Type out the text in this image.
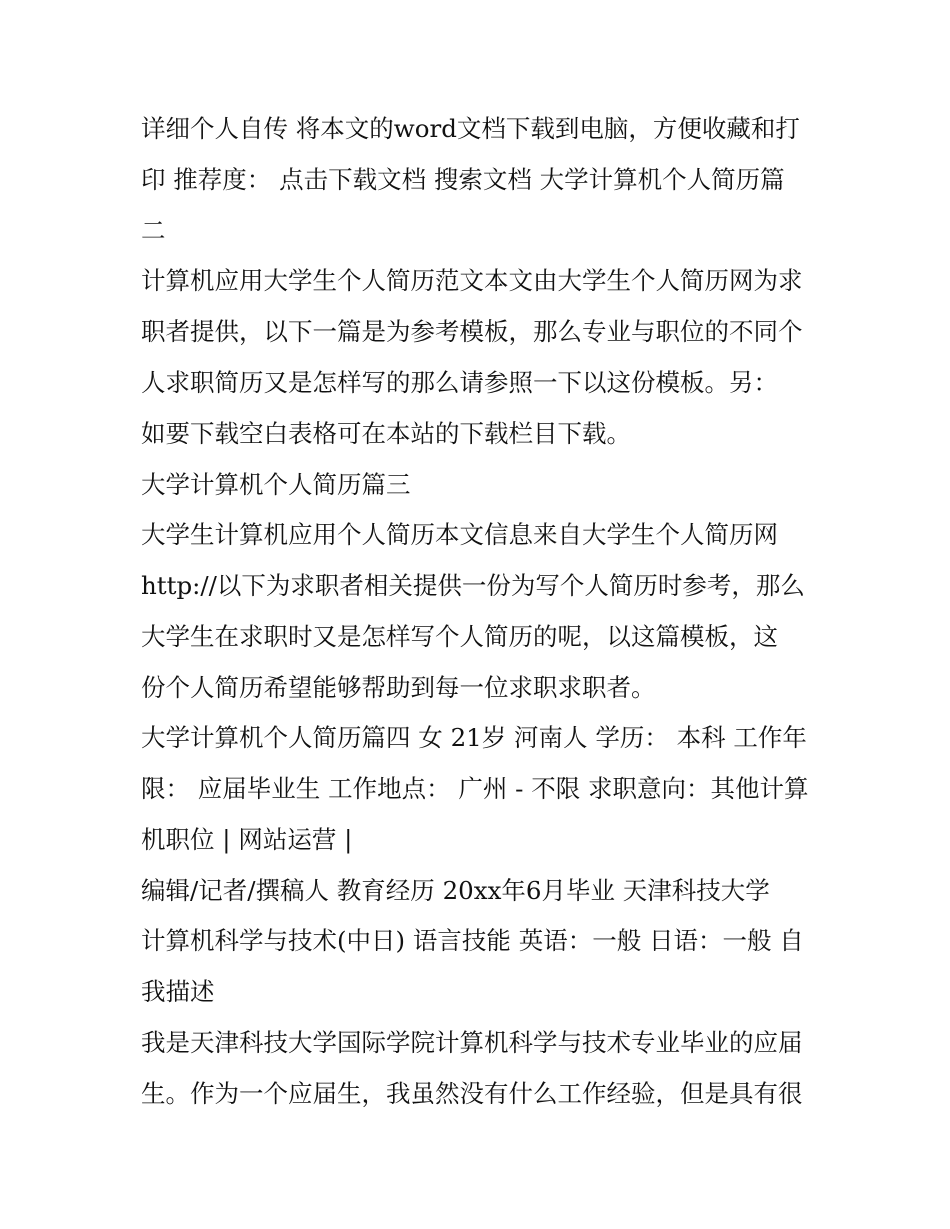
详细个人自传 将本文的word文档下载到电脑，方便收藏和打
印 推荐度： 点击下载文档 搜索文档 大学计算机个人简历篇
二
计算机应用大学生个人简历范文本文由大学生个人简历网为求
职者提供，以下一篇是为参考模板，那么专业与职位的不同个
人求职简历又是怎样写的那么请参照一下以这份模板。另：
如要下载空白表格可在本站的下载栏目下载。
大学计算机个人简历篇三
大学生计算机应用个人简历本文信息来自大学生个人简历网
http://以下为求职者相关提供一份为写个人简历时参考，那么
大学生在求职时又是怎样写个人简历的呢，以这篇模板，这
份个人简历希望能够帮助到每一位求职求职者。
大学计算机个人简历篇四 女 21岁 河南人 学历： 本科 工作年
限： 应届毕业生 工作地点： 广州 - 不限 求职意向：其他计算
机职位 | 网站运营 |
编辑/记者/撰稿人 教育经历 20xx年6月毕业 天津科技大学
计算机科学与技术(中日) 语言技能 英语：一般 日语：一般 自
我描述
我是天津科技大学国际学院计算机科学与技术专业毕业的应届
生。作为一个应届生，我虽然没有什么工作经验，但是具有很
